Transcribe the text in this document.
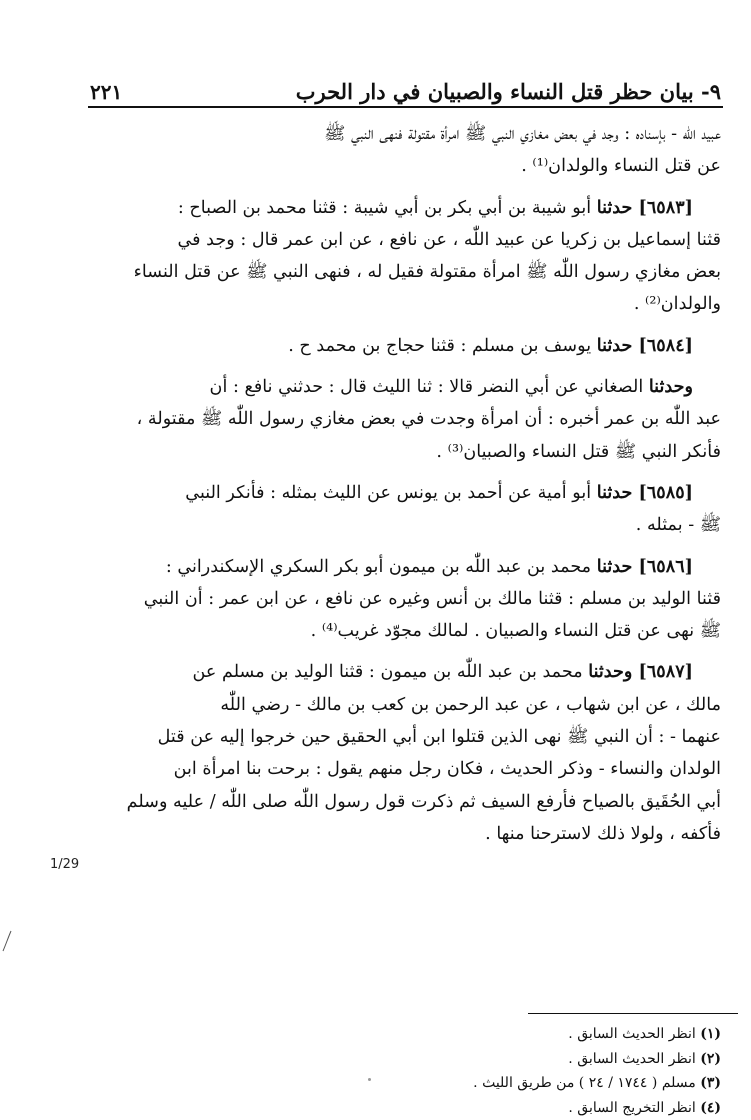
٢٢١	٩- بيان حظر قتل النساء والصبيان في دار الحرب

عبيد اللّٰه - بإسناده : وجد في بعض مغازي النبي ﷺ امرأة مقتولة فنهى النبي ﷺ
عن قتل النساء والولدان⁽¹⁾ .

[٦٥٨٣] حدثنا أبو شيبة بن أبي بكر بن أبي شيبة : قثنا محمد بن الصباح :
قثنا إسماعيل بن زكريا عن عبيد اللّٰه ، عن نافع ، عن ابن عمر قال : وجد في
بعض مغازي رسول اللّٰه ﷺ امرأة مقتولة فقيل له ، فنهى النبي ﷺ عن قتل النساء
والولدان⁽²⁾ .

[٦٥٨٤] حدثنا يوسف بن مسلم : قثنا حجاج بن محمد ح .

وحدثنا الصغاني عن أبي النضر قالا : ثنا الليث قال : حدثني نافع : أن
عبد اللّٰه بن عمر أخبره : أن امرأة وجدت في بعض مغازي رسول اللّٰه ﷺ مقتولة ،
فأنكر النبي ﷺ قتل النساء والصبيان⁽³⁾ .

[٦٥٨٥] حدثنا أبو أمية عن أحمد بن يونس عن الليث بمثله : فأنكر النبي
ﷺ - بمثله .

[٦٥٨٦] حدثنا محمد بن عبد اللّٰه بن ميمون أبو بكر السكري الإسكندراني :
قثنا الوليد بن مسلم : قثنا مالك بن أنس وغيره عن نافع ، عن ابن عمر : أن النبي
ﷺ نهى عن قتل النساء والصبيان . لمالك مجوّد غريب⁽⁴⁾ .

[٦٥٨٧] وحدثنا محمد بن عبد اللّٰه بن ميمون : قثنا الوليد بن مسلم عن
مالك ، عن ابن شهاب ، عن عبد الرحمن بن كعب بن مالك - رضي اللّٰه
عنهما - : أن النبي ﷺ نهى الذين قتلوا ابن أبي الحقيق حين خرجوا إليه عن قتل
الولدان والنساء - وذكر الحديث ، فكان رجل منهم يقول : برحت بنا امرأة ابن
أبي الحُقَيق بالصياح فأرفع السيف ثم ذكرت قول رسول اللّٰه صلى اللّٰه / عليه وسلم
فأكفه ، ولولا ذلك لاسترحنا منها .

1/29
(١) انظر الحديث السابق .
(٢) انظر الحديث السابق .
(٣) مسلم ( ١٧٤٤ / ٢٤ ) من طريق الليث .
(٤) انظر التخريج السابق .
